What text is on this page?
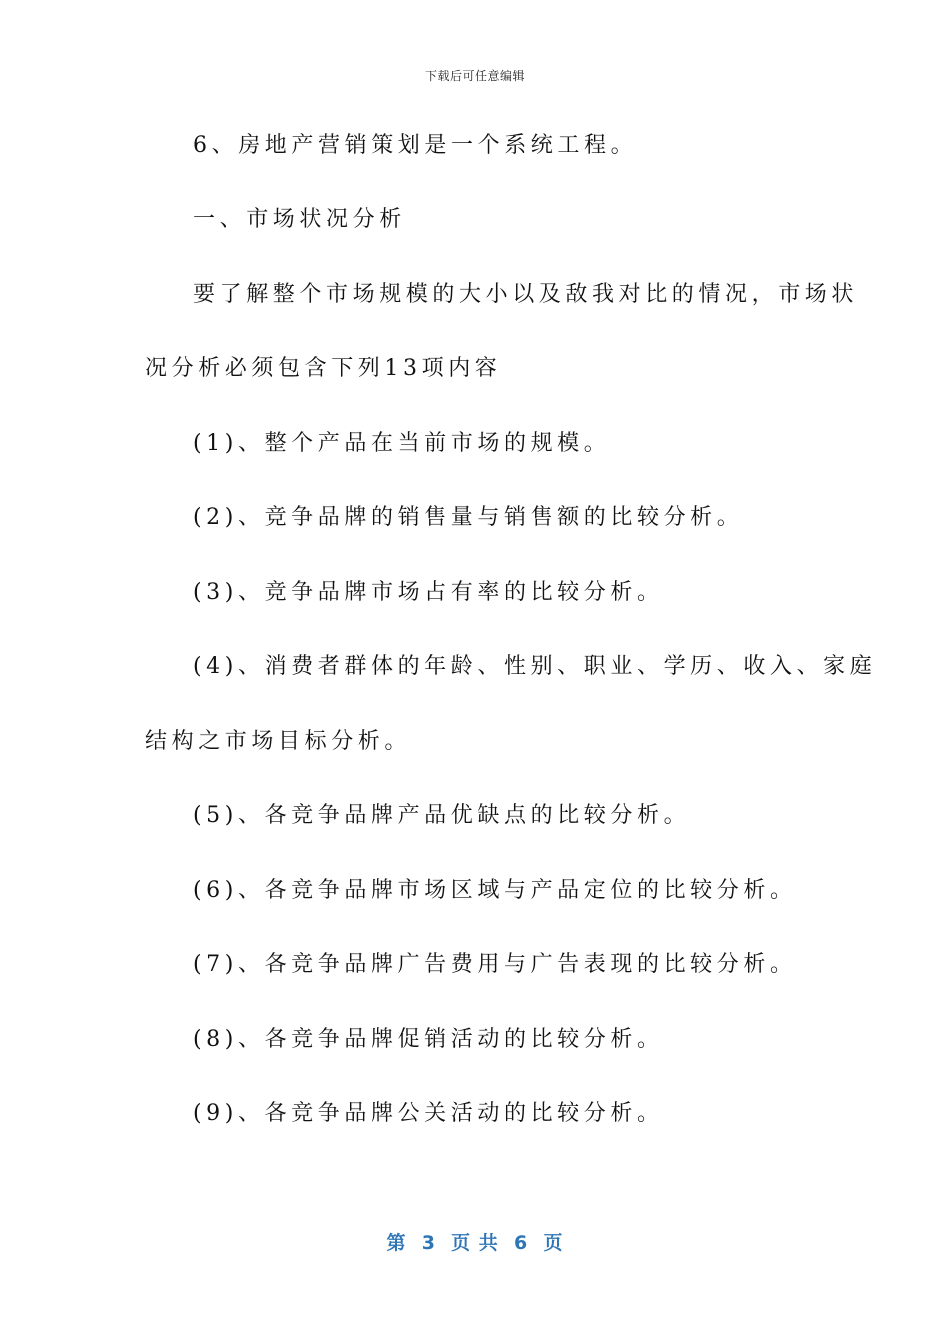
下载后可任意编辑
6、房地产营销策划是一个系统工程。
一、市场状况分析
要了解整个市场规模的大小以及敌我对比的情况，市场状
况分析必须包含下列13项内容
(1)、整个产品在当前市场的规模。
(2)、竞争品牌的销售量与销售额的比较分析。
(3)、竞争品牌市场占有率的比较分析。
(4)、消费者群体的年龄、性别、职业、学历、收入、家庭
结构之市场目标分析。
(5)、各竞争品牌产品优缺点的比较分析。
(6)、各竞争品牌市场区域与产品定位的比较分析。
(7)、各竞争品牌广告费用与广告表现的比较分析。
(8)、各竞争品牌促销活动的比较分析。
(9)、各竞争品牌公关活动的比较分析。
第  3  页 共  6  页
